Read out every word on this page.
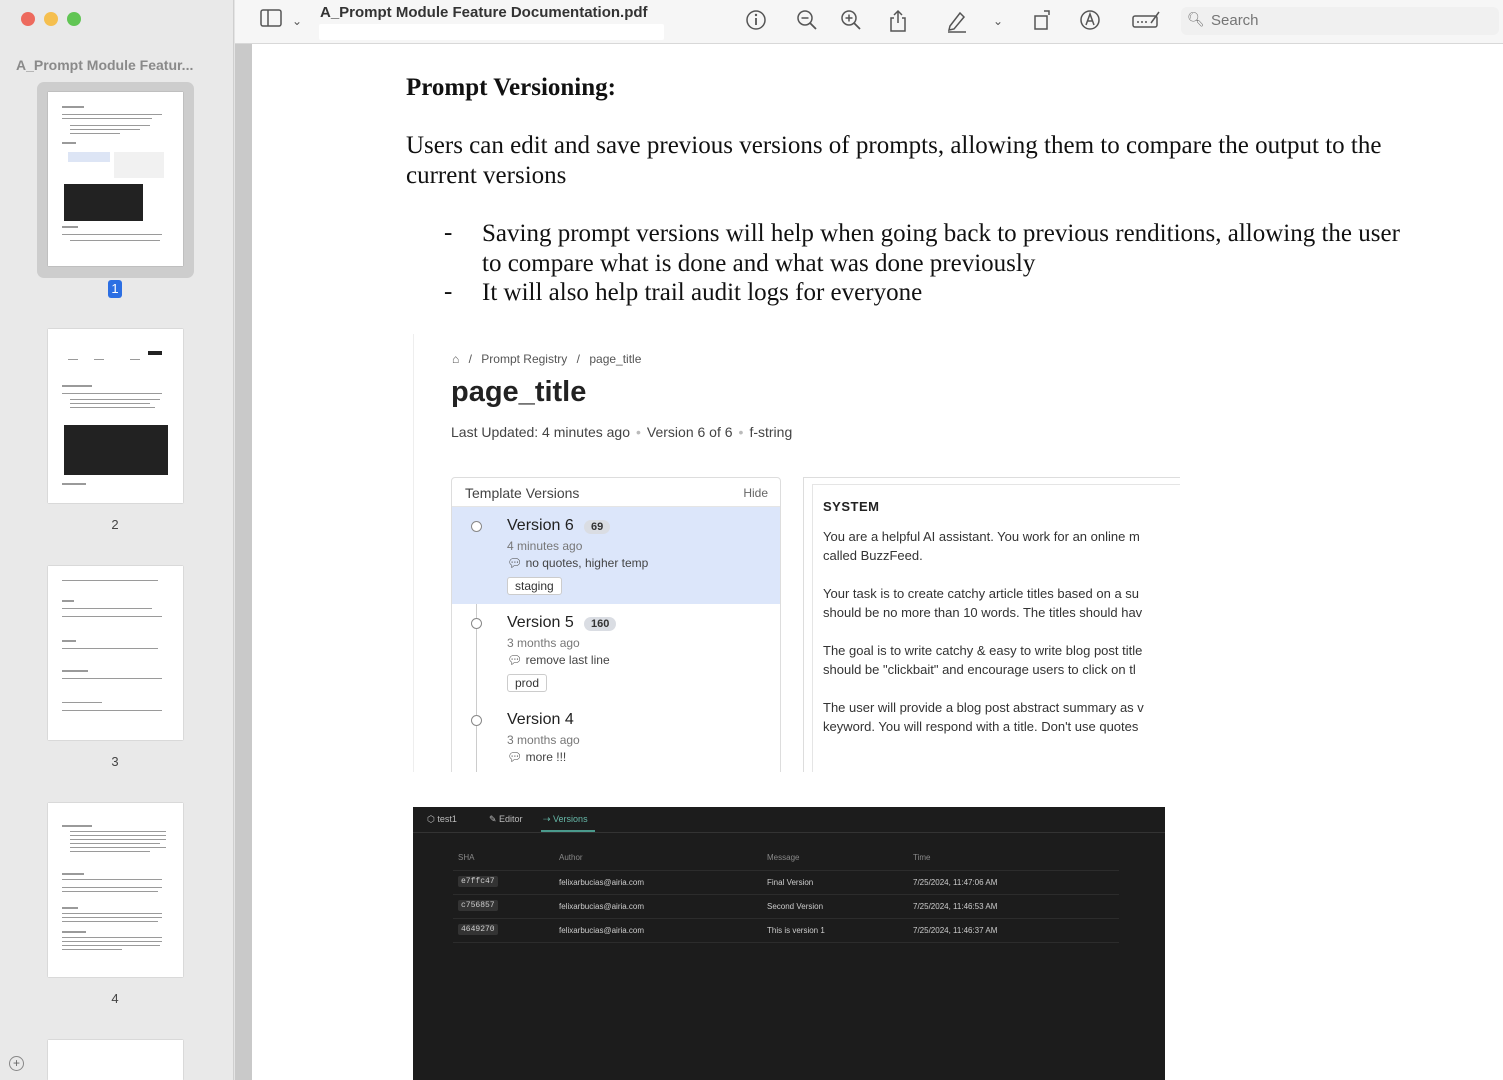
A_Prompt Module Featur...
1
2
3
4
+
⌄	A_Prompt Module Feature Documentation.pdf	⌄	🔍︎
Search
Prompt Versioning:
Users can edit and save previous versions of prompts, allowing them to compare the output to the current versions
- Saving prompt versions will help when going back to previous renditions, allowing the user to compare what is done and what was done previously
- It will also help trail audit logs for everyone
⌂ / Prompt Registry / page_title
page_title
Last Updated: 4 minutes ago • Version 6 of 6 • f-string
Template Versions	Hide
Version 6	69
4 minutes ago
💬︎ no quotes, higher temp
staging
Version 5	160
3 months ago
💬︎ remove last line
prod
Version 4
3 months ago
💬︎ more !!!
SYSTEM
You are a helpful AI assistant. You work for an online m
called BuzzFeed.
Your task is to create catchy article titles based on a su
should be no more than 10 words. The titles should hav
The goal is to write catchy & easy to write blog post title
should be "clickbait" and encourage users to click on tl
The user will provide a blog post abstract summary as v
keyword. You will respond with a title. Don't use quotes
⬡ test1	✎ Editor ⇢ Versions
SHA	Author	Message	Time
e7ffc47	felixarbucias@airia.com	Final Version	7/25/2024, 11:47:06 AM
c756857	felixarbucias@airia.com	Second Version	7/25/2024, 11:46:53 AM
4649270	felixarbucias@airia.com	This is version 1	7/25/2024, 11:46:37 AM
